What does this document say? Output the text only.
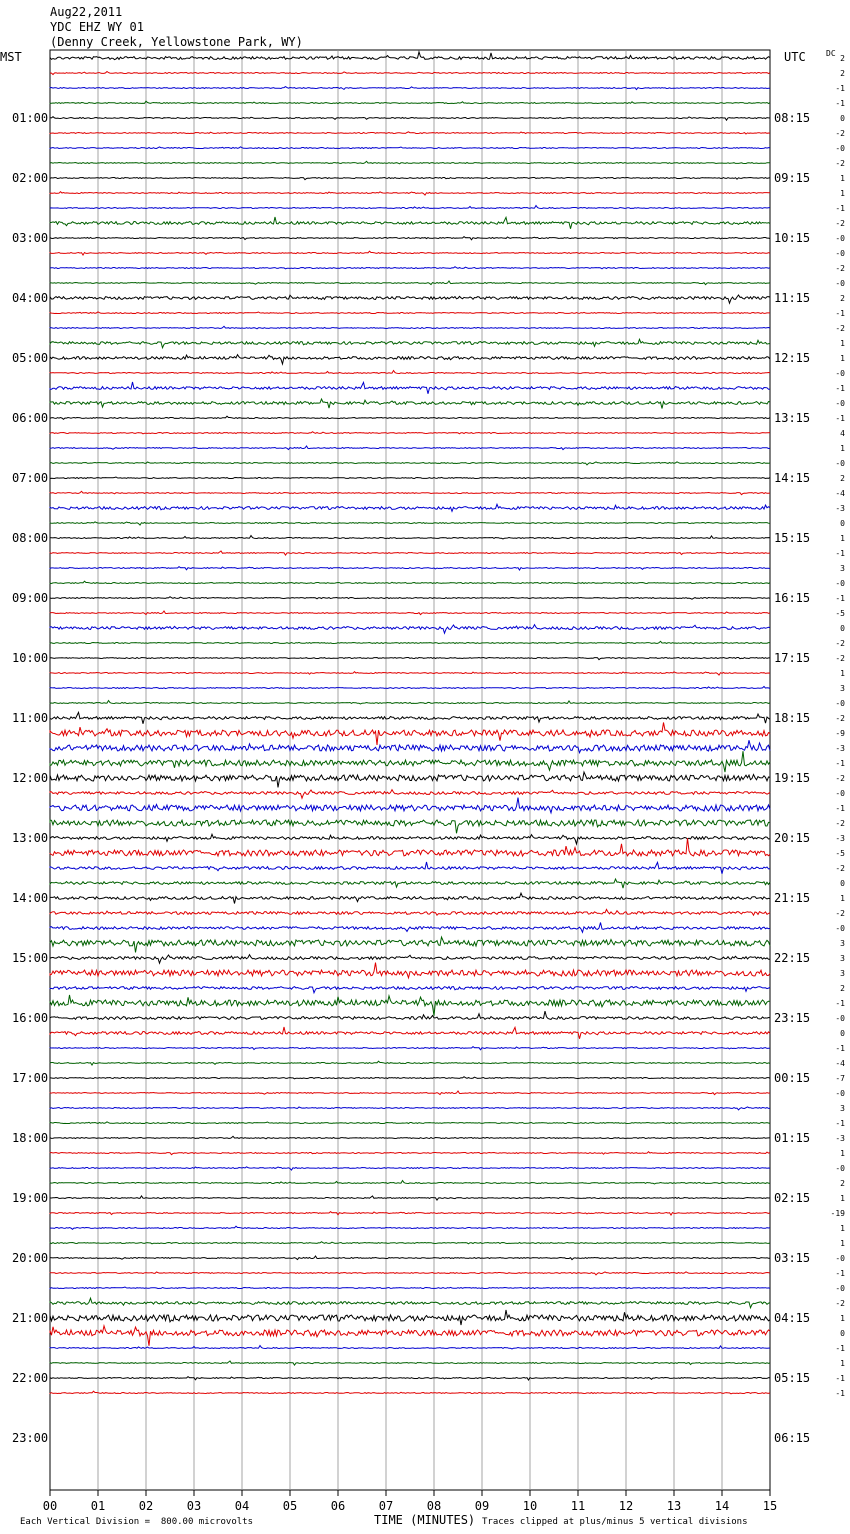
Aug22,2011
YDC EHZ WY 01
(Denny Creek, Yellowstone Park, WY)
MST	UTC	DC
01:00
02:00
03:00
04:00
05:00
06:00
07:00
08:00
09:00
10:00
11:00
12:00
13:00
14:00
15:00
16:00
17:00
18:00
19:00
20:00
21:00
22:00
23:00
08:15
09:15
10:15
11:15
12:15
13:15
14:15
15:15
16:15
17:15
18:15
19:15
20:15
21:15
22:15
23:15
00:15
01:15
02:15
03:15
04:15
05:15
06:15
2
2
-1
-1
0
-2
-0
-2
1
1
-1
-2
-0
-0
-2
-0
2
-1
-2
1
1
-0
-1
-0
-1
4
1
-0
2
-4
-3
0
1
-1
3
-0
-1
-5
0
-2
-2
1
3
-0
-2
-9
-3
-1
-2
-0
-1
-2
-3
-5
-2
0
1
-2
-0
3
3
3
2
-1
-0
0
-1
-4
-7
-0
3
-1
-3
1
-0
2
1
-19
1
1
-0
-1
-0
-2
1
0
-1
1
-1
-1
00	01	02	03	04	05	06	07	08	09	10	11	12	13	14	15
Each Vertical Division =  800.00 microvolts	TIME (MINUTES) Traces clipped at plus/minus 5 vertical divisions
